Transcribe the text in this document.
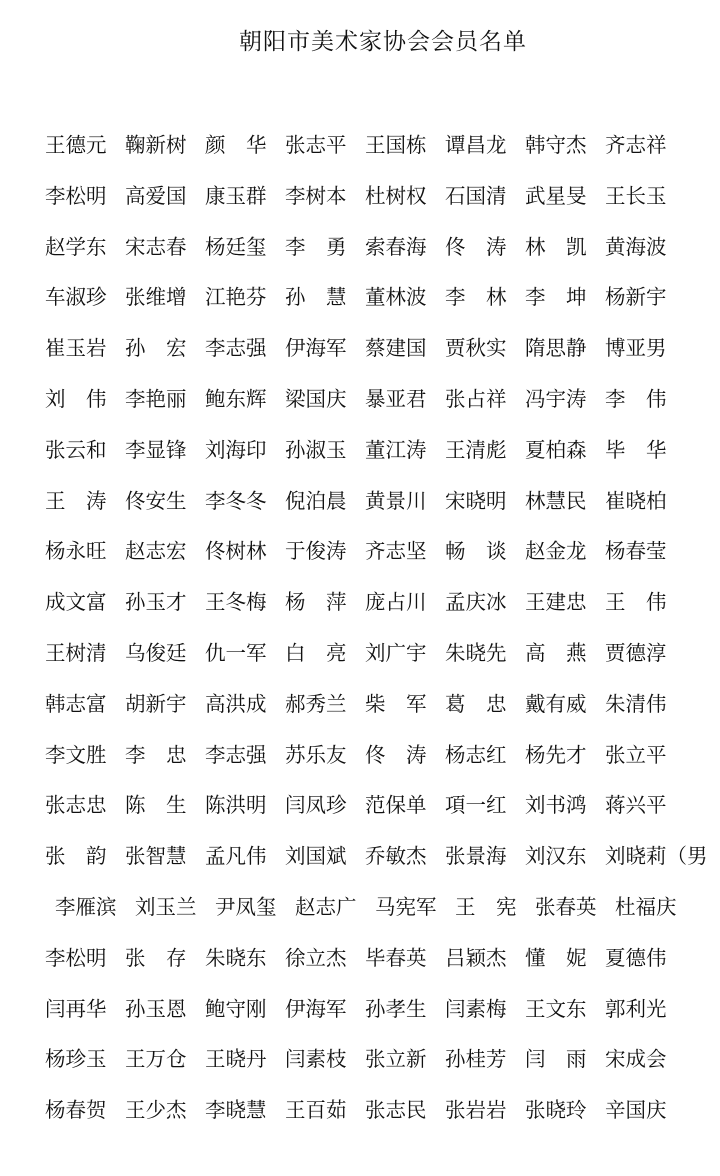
朝阳市美术家协会会员名单
王德元 鞠新树 颜　华 张志平 王国栋 谭昌龙 韩守杰 齐志祥
李松明 高爱国 康玉群 李树本 杜树权 石国清 武星旻 王长玉
赵学东 宋志春 杨廷玺 李　勇 索春海 佟　涛 林　凯 黄海波
车淑珍 张维增 江艳芬 孙　慧 董林波 李　林 李　坤 杨新宇
崔玉岩 孙　宏 李志强 伊海军 蔡建国 贾秋实 隋思静 博亚男
刘　伟 李艳丽 鲍东辉 梁国庆 暴亚君 张占祥 冯宇涛 李　伟
张云和 李显锋 刘海印 孙淑玉 董江涛 王清彪 夏柏森 毕　华
王　涛 佟安生 李冬冬 倪泊晨 黄景川 宋晓明 林慧民 崔晓柏
杨永旺 赵志宏 佟树林 于俊涛 齐志坚 畅　谈 赵金龙 杨春莹
成文富 孙玉才 王冬梅 杨　萍 庞占川 孟庆冰 王建忠 王　伟
王树清 乌俊廷 仇一军 白　亮 刘广宇 朱晓先 高　燕 贾德淳
韩志富 胡新宇 高洪成 郝秀兰 柴　军 葛　忠 戴有威 朱清伟
李文胜 李　忠 李志强 苏乐友 佟　涛 杨志红 杨先才 张立平
张志忠 陈　生 陈洪明 闫凤珍 范保单 項一红 刘书鸿 蒋兴平
张　韵 张智慧 孟凡伟 刘国斌 乔敏杰 张景海 刘汉东 刘晓莉（男
李雁滨 刘玉兰 尹凤玺 赵志广 马宪军 王　宪 张春英 杜福庆
李松明 张　存 朱晓东 徐立杰 毕春英 吕颖杰 懂　妮 夏德伟
闫再华 孙玉恩 鲍守刚 伊海军 孙孝生 闫素梅 王文东 郭利光
杨珍玉 王万仓 王晓丹 闫素枝 张立新 孙桂芳 闫　雨 宋成会
杨春贺 王少杰 李晓慧 王百茹 张志民 张岩岩 张晓玲 辛国庆
